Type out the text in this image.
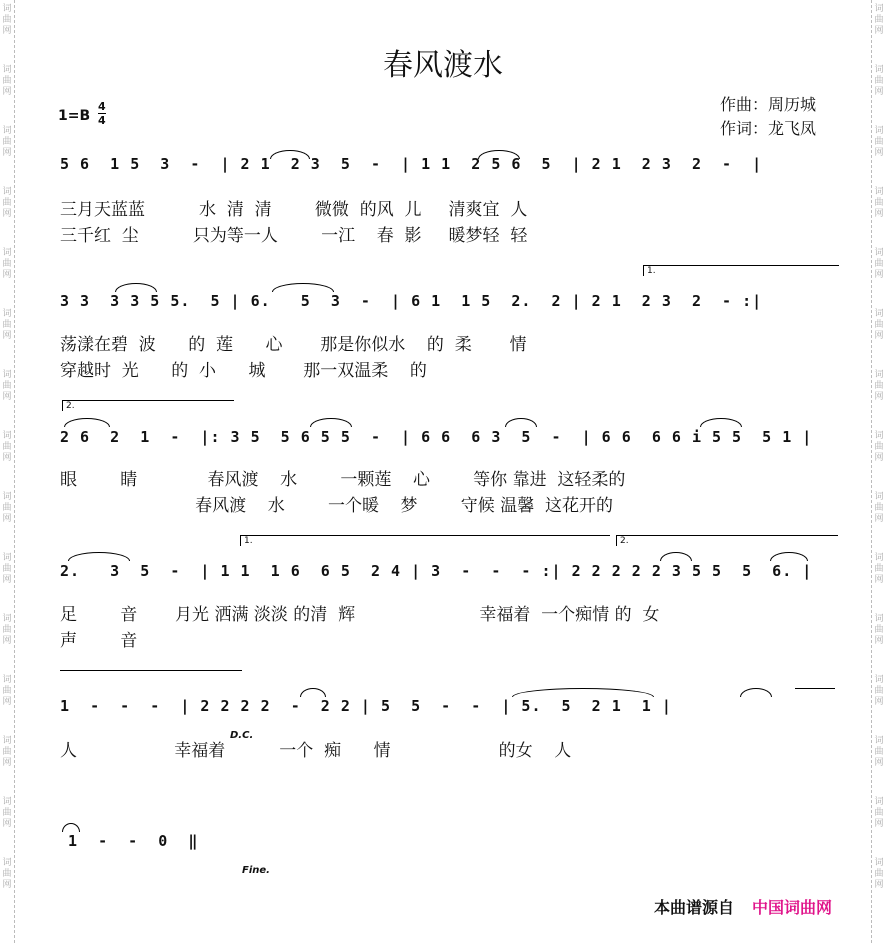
词
曲
网
词
曲
网
词
曲
网
词
曲
网
词
曲
网
词
曲
网
词
曲
网
词
曲
网
词
曲
网
词
曲
网
词
曲
网
词
曲
网
词
曲
网
词
曲
网
词
曲
网
词
曲
网
词
曲
网
词
曲
网
词
曲
网
词
曲
网
词
曲
网
词
曲
网
词
曲
网
词
曲
网
词
曲
网
词
曲
网
词
曲
网
词
曲
网
词
曲
网
词
曲
网
春风渡水
1=B
4
4
作曲：周历城
作词：龙飞凤
5 6  1 5  3  -  | 2 1  2 3  5  -  | 1 1  2 5 6  5  | 2 1  2 3  2  -  |
三月天蓝蓝          水  清  清        微微  的风  儿     清爽宜  人
三千红  尘          只为等一人        一江    春  影     暖梦轻  轻
1.
3 3  3 3 5 5.  5 | 6.   5  3  -  | 6 1  1 5  2.  2 | 2 1  2 3  2  - :|
荡漾在碧  波      的  莲      心       那是你似水    的  柔       情
穿越时  光      的  小      城       那一双温柔    的
2.
2 6  2  1  -  |: 3 5  5 6 5 5  -  | 6 6  6 3  5  -  | 6 6  6 6 i 5 5  5 1 |
眼        睛             春风渡    水        一颗莲    心        等你 靠进  这轻柔的
春风渡    水        一个暖    梦        守候 温馨  这花开的
1.	2.
2.   3  5  -  | 1 1  1 6  6 5  2 4 | 3  -  -  - :| 2 2 2 2 2 3 5 5  5  6. |
足        音       月光 洒满 淡淡 的清  辉                       幸福着  一个痴情 的  女
声        音
1  -  -  -  | 2 2 2 2  -  2 2 | 5  5  -  -  | 5.  5  2 1  1 |
D.C.
人                  幸福着          一个  痴      情                    的女    人
1  -  -  0  ‖
Fine.
本曲谱源自 中国词曲网
